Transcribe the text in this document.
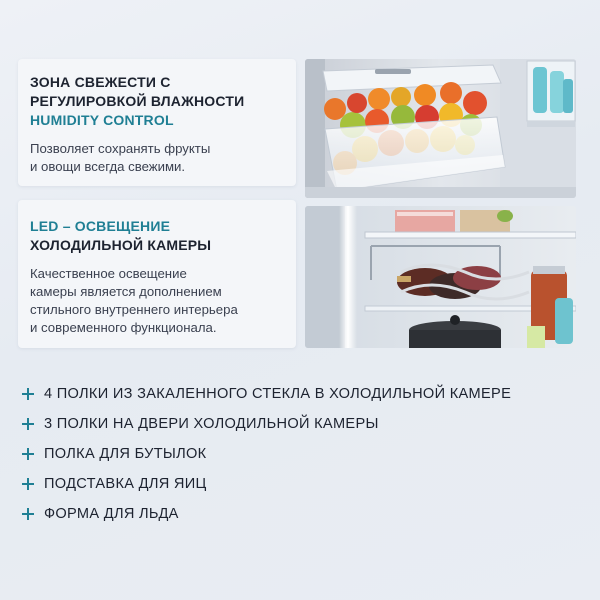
ЗОНА СВЕЖЕСТИ С
РЕГУЛИРОВКОЙ ВЛАЖНОСТИ
HUMIDITY CONTROL

Позволяет сохранять фрукты
и овощи всегда свежими.

LED – ОСВЕЩЕНИЕ
ХОЛОДИЛЬНОЙ КАМЕРЫ

Качественное освещение
камеры является дополнением
стильного внутреннего интерьера
и современного функционала.

4 ПОЛКИ ИЗ ЗАКАЛЕННОГО СТЕКЛА В ХОЛОДИЛЬНОЙ КАМЕРЕ
3 ПОЛКИ НА ДВЕРИ ХОЛОДИЛЬНОЙ КАМЕРЫ
ПОЛКА ДЛЯ БУТЫЛОК
ПОДСТАВКА ДЛЯ ЯИЦ
ФОРМА ДЛЯ ЛЬДА
